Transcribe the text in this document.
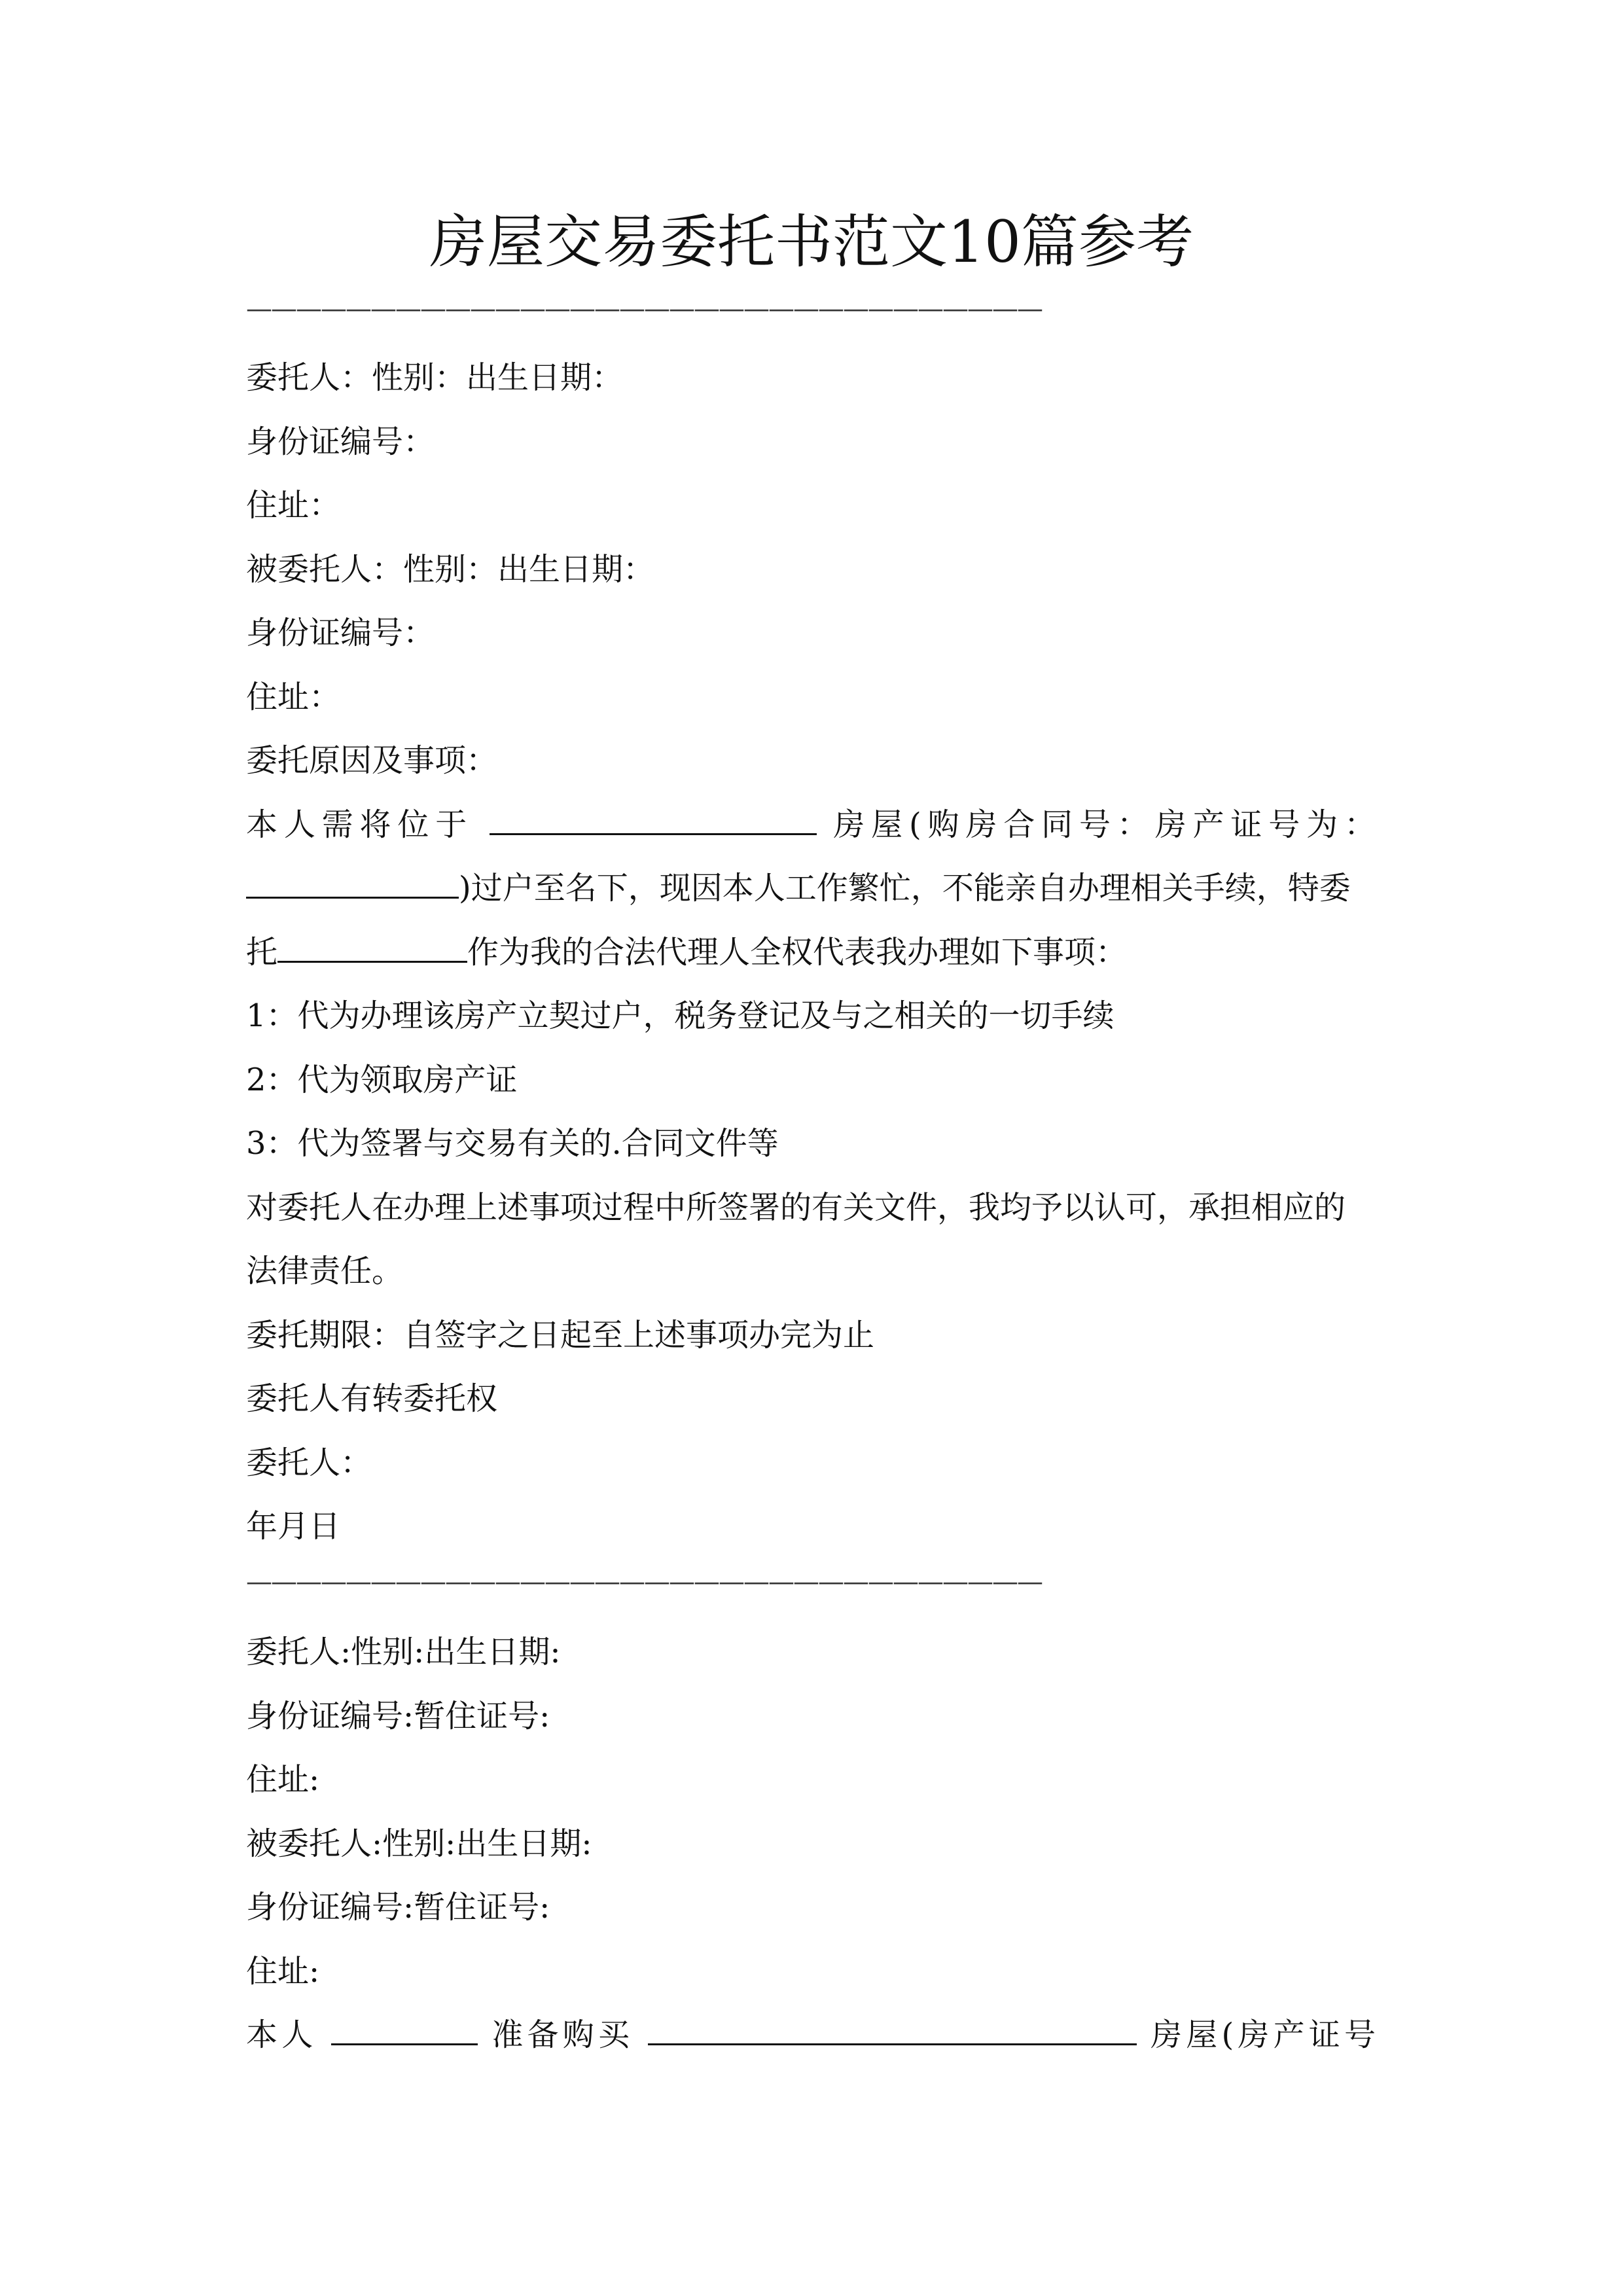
房屋交易委托书范文10篇参考
————————————————————————————————
委托人：性别：出生日期：
身份证编号：
住址：
被委托人：性别：出生日期：
身份证编号：
住址：
委托原因及事项：
本人需将位于	房屋(购房合同号：房产证号为：
)过户至名下，现因本人工作繁忙，不能亲自办理相关手续，特委
托	作为我的合法代理人全权代表我办理如下事项：
1：代为办理该房产立契过户，税务登记及与之相关的一切手续
2：代为领取房产证
3：代为签署与交易有关的.合同文件等
对委托人在办理上述事项过程中所签署的有关文件，我均予以认可，承担相应的
法律责任。
委托期限：自签字之日起至上述事项办完为止
委托人有转委托权
委托人：
年月日
————————————————————————————————
委托人:性别:出生日期:
身份证编号:暂住证号:
住址:
被委托人:性别:出生日期:
身份证编号:暂住证号:
住址:
本人	准备购买	房屋(房产证号
